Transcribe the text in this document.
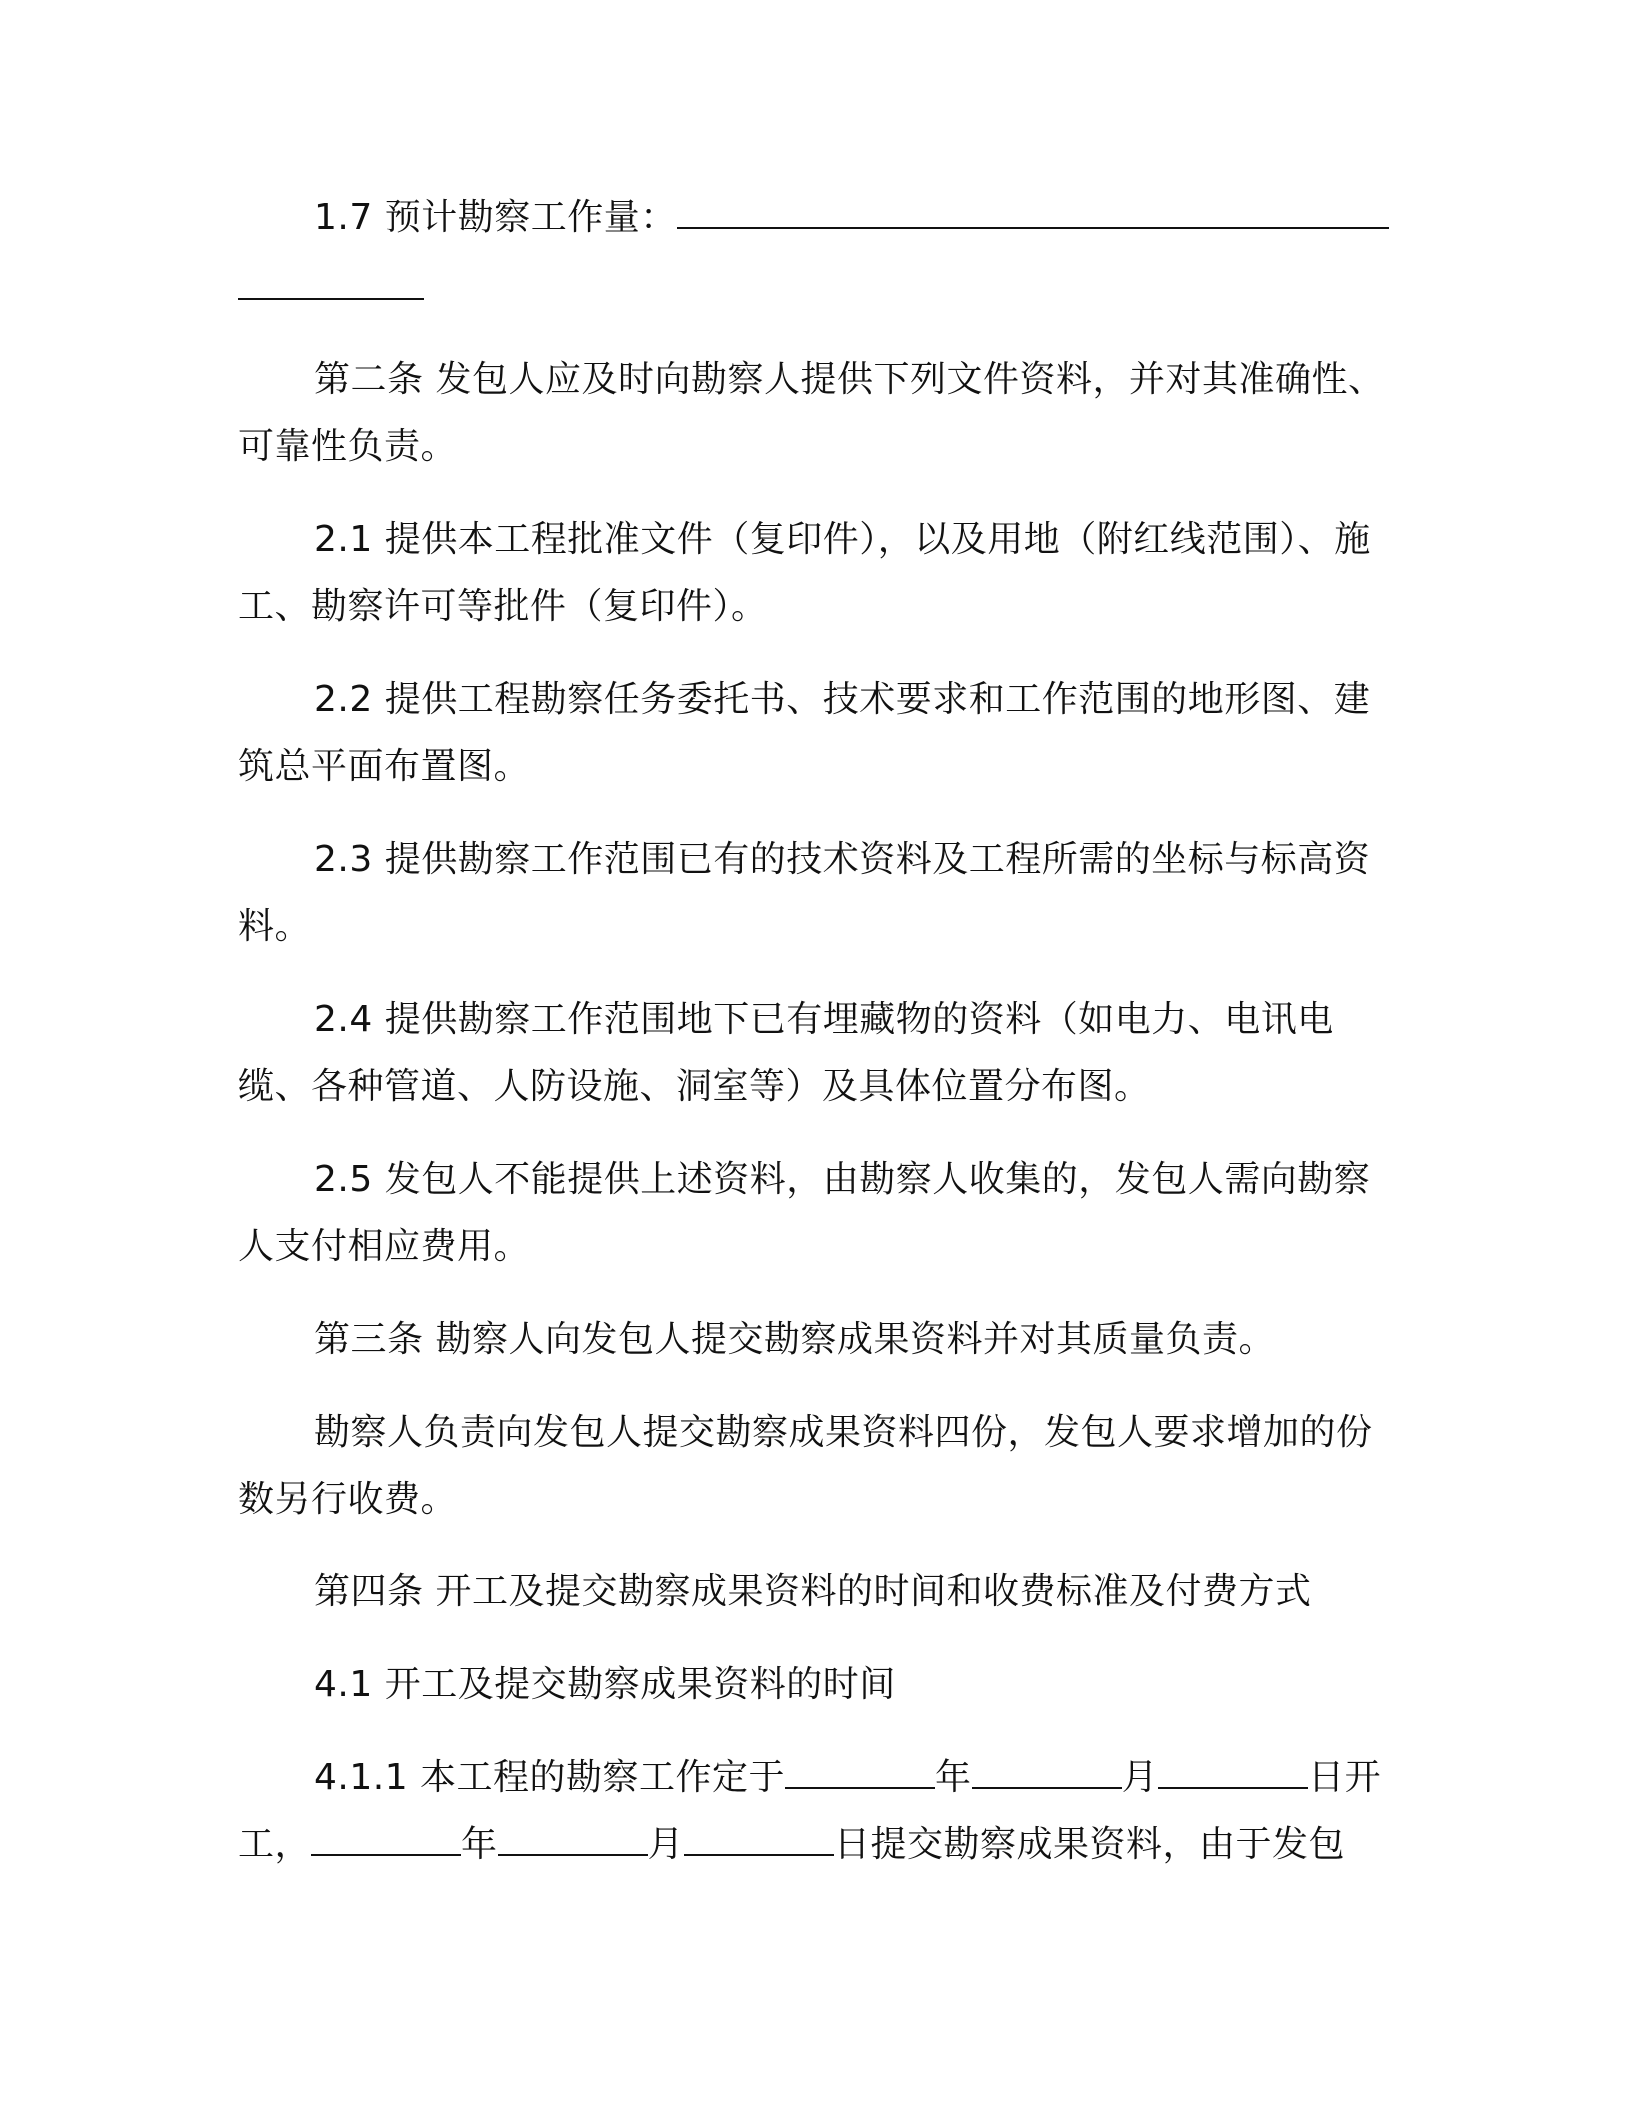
1.7 预计勘察工作量：

第二条 发包人应及时向勘察人提供下列文件资料，并对其准确性、可靠性负责。

2.1 提供本工程批准文件（复印件），以及用地（附红线范围）、施工、勘察许可等批件（复印件）。

2.2 提供工程勘察任务委托书、技术要求和工作范围的地形图、建筑总平面布置图。

2.3 提供勘察工作范围已有的技术资料及工程所需的坐标与标高资料。

2.4 提供勘察工作范围地下已有埋藏物的资料（如电力、电讯电缆、各种管道、人防设施、洞室等）及具体位置分布图。

2.5 发包人不能提供上述资料，由勘察人收集的，发包人需向勘察人支付相应费用。

第三条 勘察人向发包人提交勘察成果资料并对其质量负责。

勘察人负责向发包人提交勘察成果资料四份，发包人要求增加的份数另行收费。

第四条 开工及提交勘察成果资料的时间和收费标准及付费方式

4.1 开工及提交勘察成果资料的时间

4.1.1 本工程的勘察工作定于	年	月	日开工，	年	月	日提交勘察成果资料，由于发包
